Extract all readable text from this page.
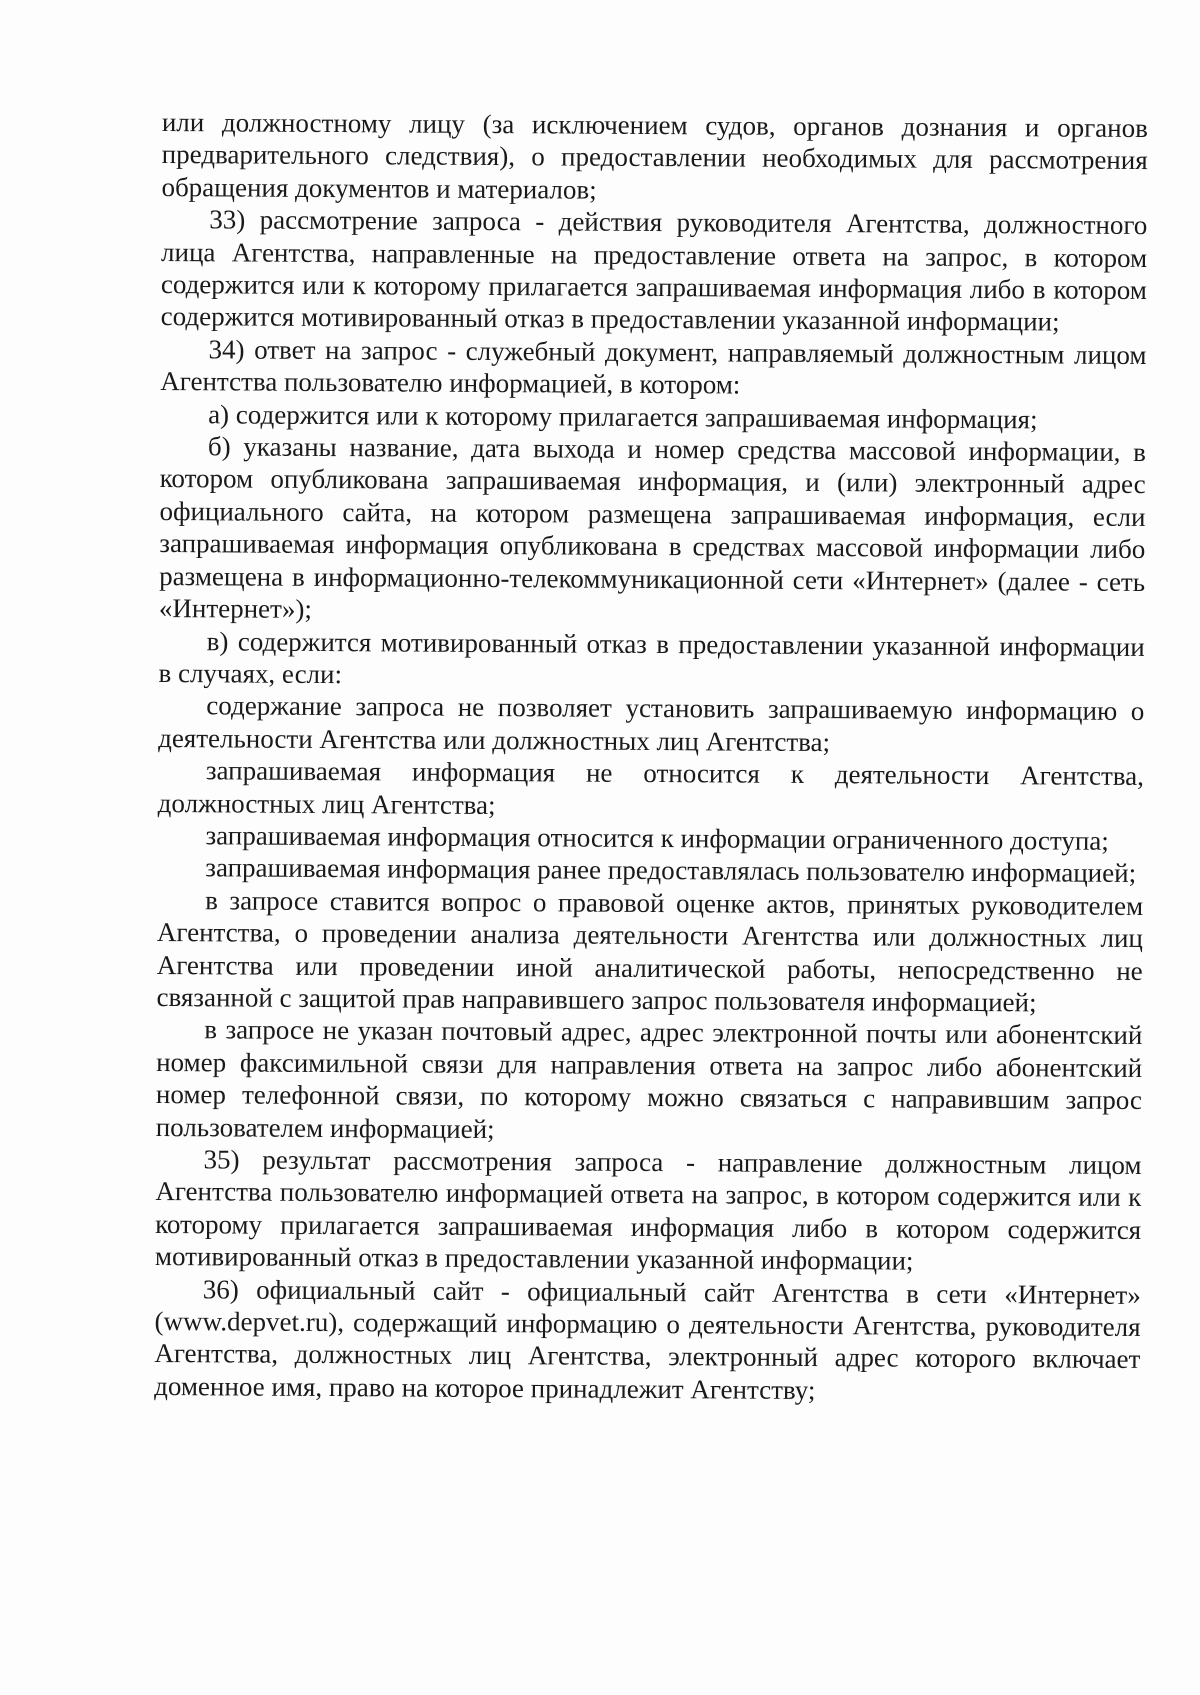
или должностному лицу (за исключением судов, органов дознания и органов предварительного следствия), о предоставлении необходимых для рассмотрения обращения документов и материалов;

33) рассмотрение запроса - действия руководителя Агентства, должностного лица Агентства, направленные на предоставление ответа на запрос, в котором содержится или к которому прилагается запрашиваемая информация либо в котором содержится мотивированный отказ в предоставлении указанной информации;

34) ответ на запрос - служебный документ, направляемый должностным лицом Агентства пользователю информацией, в котором:

а) содержится или к которому прилагается запрашиваемая информация;

б) указаны название, дата выхода и номер средства массовой информации, в котором опубликована запрашиваемая информация, и (или) электронный адрес официального сайта, на котором размещена запрашиваемая информация, если запрашиваемая информация опубликована в средствах массовой информации либо размещена в информационно-телекоммуникационной сети «Интернет» (далее - сеть «Интернет»);

в) содержится мотивированный отказ в предоставлении указанной информации в случаях, если:

содержание запроса не позволяет установить запрашиваемую информацию о деятельности Агентства или должностных лиц Агентства;

запрашиваемая информация не относится к деятельности Агентства, должностных лиц Агентства;

запрашиваемая информация относится к информации ограниченного доступа;

запрашиваемая информация ранее предоставлялась пользователю информацией;

в запросе ставится вопрос о правовой оценке актов, принятых руководителем Агентства, о проведении анализа деятельности Агентства или должностных лиц Агентства или проведении иной аналитической работы, непосредственно не связанной с защитой прав направившего запрос пользователя информацией;

в запросе не указан почтовый адрес, адрес электронной почты или абонентский номер факсимильной связи для направления ответа на запрос либо абонентский номер телефонной связи, по которому можно связаться с направившим запрос пользователем информацией;

35) результат рассмотрения запроса - направление должностным лицом Агентства пользователю информацией ответа на запрос, в котором содержится или к которому прилагается запрашиваемая информация либо в котором содержится мотивированный отказ в предоставлении указанной информации;

36) официальный сайт - официальный сайт Агентства в сети «Интернет» (www.depvet.ru), содержащий информацию о деятельности Агентства, руководителя Агентства, должностных лиц Агентства, электронный адрес которого включает доменное имя, право на которое принадлежит Агентству;
